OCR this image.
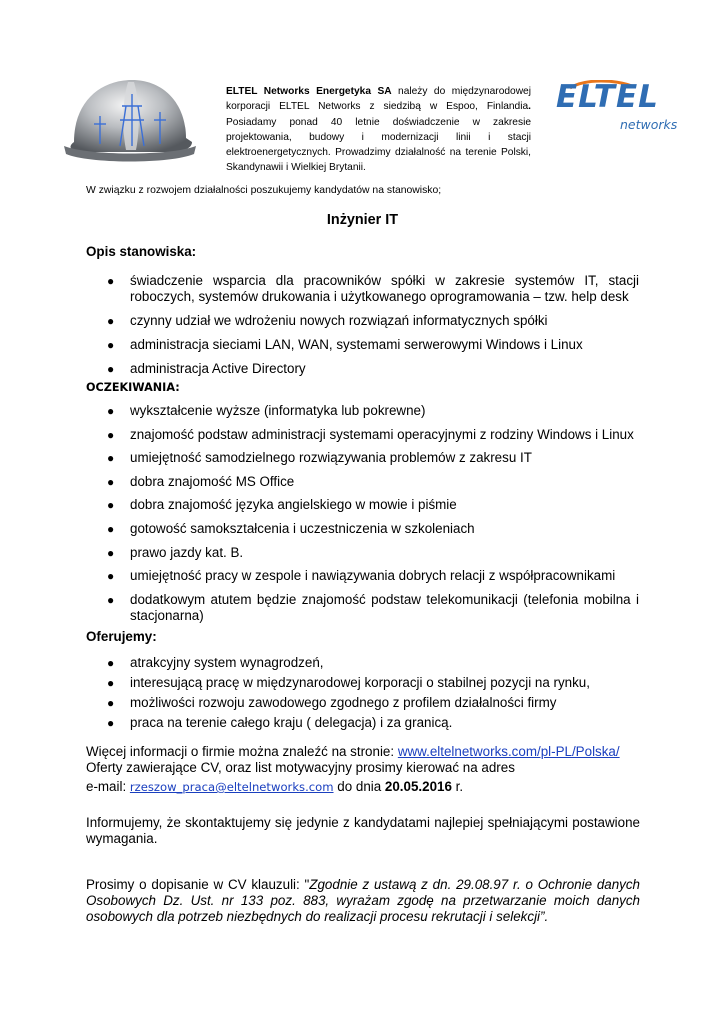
ELTEL Networks Energetyka SA należy do międzynarodowej korporacji ELTEL Networks z siedzibą w Espoo, Finlandia. Posiadamy ponad 40 letnie doświadczenie w zakresie projektowania, budowy i modernizacji linii i stacji elektroenergetycznych. Prowadzimy działalność na terenie Polski, Skandynawii i Wielkiej Brytanii.
ELTEL
networks
W związku z rozwojem działalności poszukujemy kandydatów na stanowisko;
Inżynier IT
Opis stanowiska:
● świadczenie wsparcia dla pracowników spółki w zakresie systemów IT, stacji roboczych, systemów drukowania i użytkowanego oprogramowania – tzw. help desk
● czynny udział we wdrożeniu nowych rozwiązań informatycznych spółki
● administracja sieciami LAN, WAN, systemami serwerowymi Windows i Linux
● administracja Active Directory
OCZEKIWANIA:
● wykształcenie wyższe (informatyka lub pokrewne)
● znajomość podstaw administracji systemami operacyjnymi z rodziny Windows i Linux
● umiejętność samodzielnego rozwiązywania problemów z zakresu IT
● dobra znajomość MS Office
● dobra znajomość języka angielskiego w mowie i piśmie
● gotowość samokształcenia i uczestniczenia w szkoleniach
● prawo jazdy kat. B.
● umiejętność pracy w zespole i nawiązywania dobrych relacji z współpracownikami
● dodatkowym atutem będzie znajomość podstaw telekomunikacji (telefonia mobilna i stacjonarna)
Oferujemy:
● atrakcyjny system wynagrodzeń,
● interesującą pracę w międzynarodowej korporacji o stabilnej pozycji na rynku,
● możliwości rozwoju zawodowego zgodnego z profilem działalności firmy
● praca na terenie całego kraju ( delegacja) i za granicą.
Więcej informacji o firmie można znaleźć na stronie: www.eltelnetworks.com/pl-PL/Polska/
Oferty zawierające CV, oraz list motywacyjny prosimy kierować na adres
e-mail: rzeszow_praca@eltelnetworks.com do dnia 20.05.2016 r.
Informujemy, że skontaktujemy się jedynie z kandydatami najlepiej spełniającymi postawione wymagania.
Prosimy o dopisanie w CV klauzuli: "Zgodnie z ustawą z dn. 29.08.97 r. o Ochronie danych Osobowych Dz. Ust. nr 133 poz. 883, wyrażam zgodę na przetwarzanie moich danych osobowych dla potrzeb niezbędnych do realizacji procesu rekrutacji i selekcji”.
